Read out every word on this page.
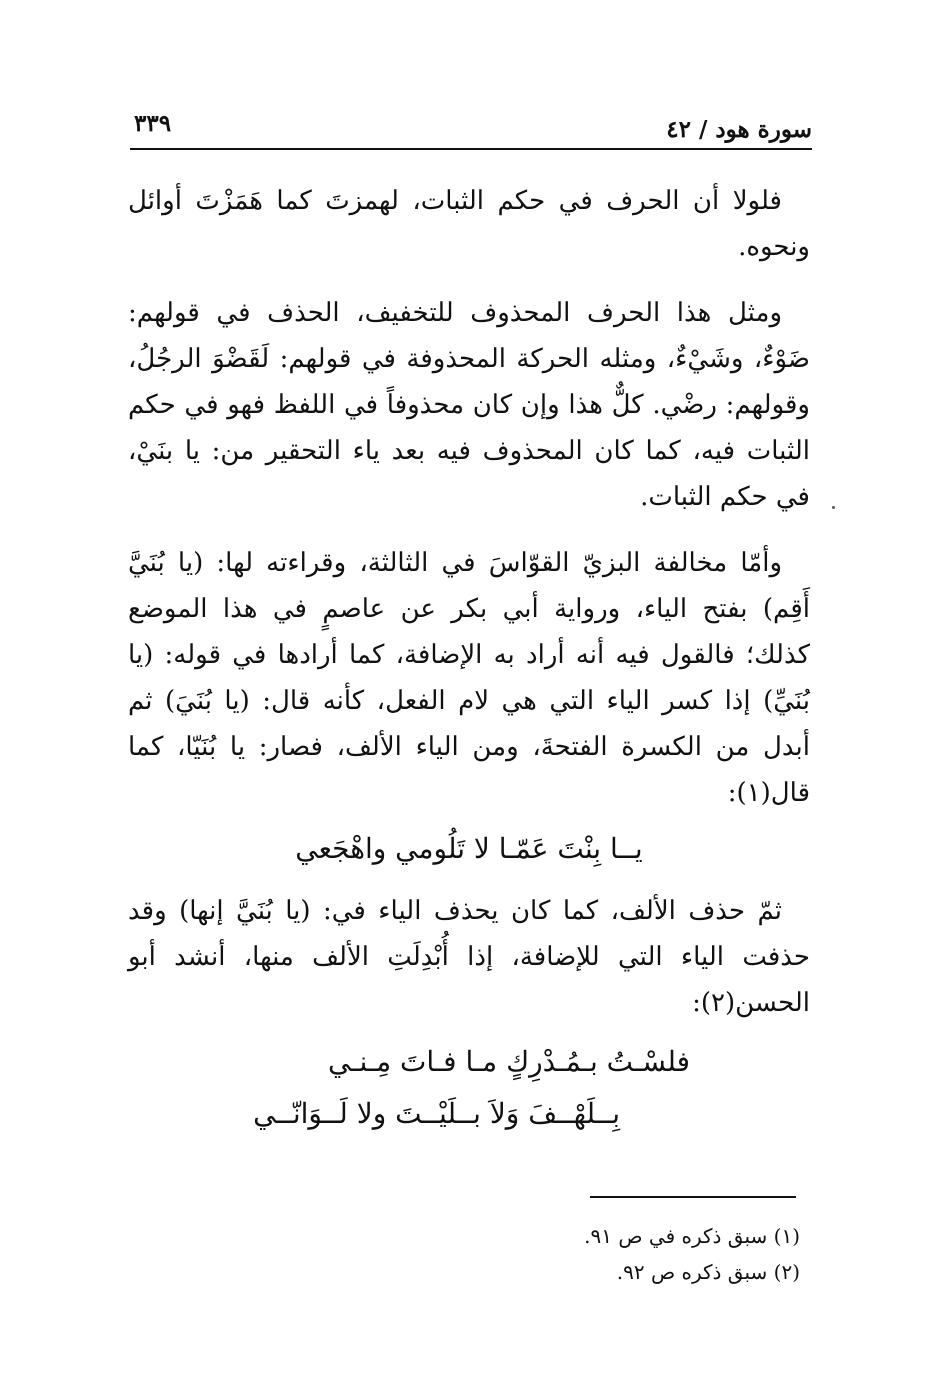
سورة هود / ٤٢
٣٣٩

فلولا أن الحرف في حكم الثبات، لهمزتَ كما هَمَزْتَ أوائل ونحوه.

ومثل هذا الحرف المحذوف للتخفيف، الحذف في قولهم: ضَوْءٌ، وشَيْءٌ، ومثله الحركة المحذوفة في قولهم: لَقَضْوَ الرجُلُ، وقولهم: رضْي. كلٌّ هذا وإن كان محذوفاً في اللفظ فهو في حكم الثبات فيه، كما كان المحذوف فيه بعد ياء التحقير من: يا بنَيْ، في حكم الثبات.

وأمّا مخالفة البزيّ القوّاسَ في الثالثة، وقراءته لها: (يا بُنَيَّ أَقِم) بفتح الياء، ورواية أبي بكر عن عاصمٍ في هذا الموضع كذلك؛ فالقول فيه أنه أراد به الإضافة، كما أرادها في قوله: (يا بُنَيِّ) إذا كسر الياء التي هي لام الفعل، كأنه قال: (يا بُنَيَ) ثم أبدل من الكسرة الفتحةَ، ومن الياء الألف، فصار: يا بُنَيّا، كما قال(١):

يــا بِنْتَ عَمّـا لا تَلُومي واهْجَعي

ثمّ حذف الألف، كما كان يحذف الياء في: (يا بُنَيَّ إنها) وقد حذفت الياء التي للإضافة، إذا أُبْدِلَتِ الألف منها، أنشد أبو الحسن(٢):

فلسْـتُ بـمُـدْرِكٍ مـا فـاتَ مِـنـي
بِــلَهْــفَ وَلاَ بــلَيْــتَ ولا لَــوَانّــي
(١) سبق ذكره في ص ٩١.
(٢) سبق ذكره ص ٩٢.
